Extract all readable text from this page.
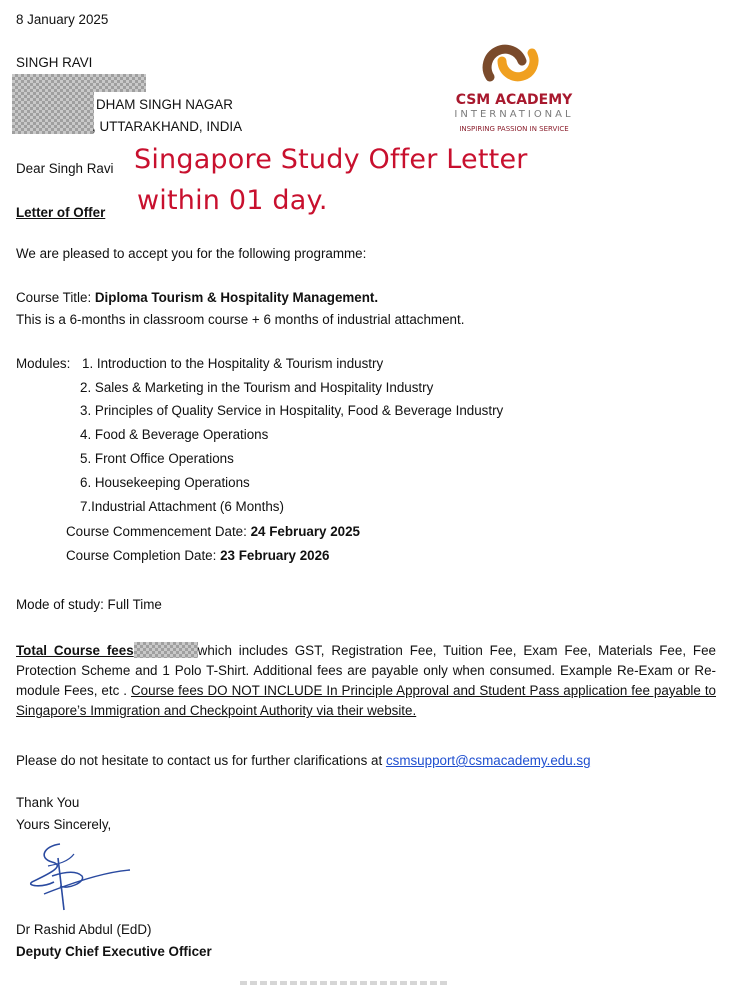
8 January 2025
SINGH RAVI
DHAM SINGH NAGAR
, UTTARAKHAND, INDIA
Dear Singh Ravi
Letter of Offer
CSM ACADEMY
INTERNATIONAL
INSPIRING PASSION IN SERVICE
Singapore Study Offer Letter
within 01 day.
We are pleased to accept you for the following programme:
Course Title: Diploma Tourism & Hospitality Management.
This is a 6-months in classroom course + 6 months of industrial attachment.
Modules: 1. Introduction to the Hospitality & Tourism industry
2. Sales & Marketing in the Tourism and Hospitality Industry
3. Principles of Quality Service in Hospitality, Food & Beverage Industry
4. Food & Beverage Operations
5. Front Office Operations
6. Housekeeping Operations
7.Industrial Attachment (6 Months)
Course Commencement Date: 24 February 2025
Course Completion Date: 23 February 2026
Mode of study: Full Time
Total Course fees	which includes GST, Registration Fee, Tuition Fee, Exam Fee, Materials Fee, Fee Protection Scheme and 1 Polo T-Shirt. Additional fees are payable only when consumed. Example Re-Exam or Re-module Fees, etc . Course fees DO NOT INCLUDE In Principle Approval and Student Pass application fee payable to Singapore’s Immigration and Checkpoint Authority via their website.
Please do not hesitate to contact us for further clarifications at csmsupport@csmacademy.edu.sg
Thank You
Yours Sincerely,
Dr Rashid Abdul (EdD)
Deputy Chief Executive Officer
